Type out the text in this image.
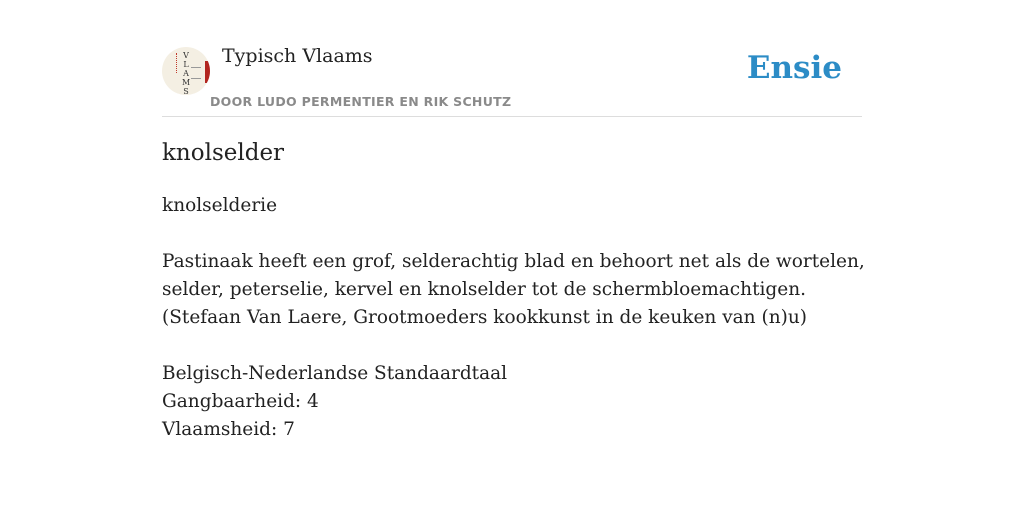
V
L
A
M
S
Typisch Vlaams
DOOR LUDO PERMENTIER EN RIK SCHUTZ
Ensie
knolselder

knolselderie

Pastinaak heeft een grof, selderachtig blad en behoort net als de wortelen, selder, peterselie, kervel en knolselder tot de schermbloemachtigen.

(Stefaan Van Laere, Grootmoeders kookkunst in de keuken van (n)u)

Belgisch-Nederlandse Standaardtaal

Gangbaarheid: 4

Vlaamsheid: 7
